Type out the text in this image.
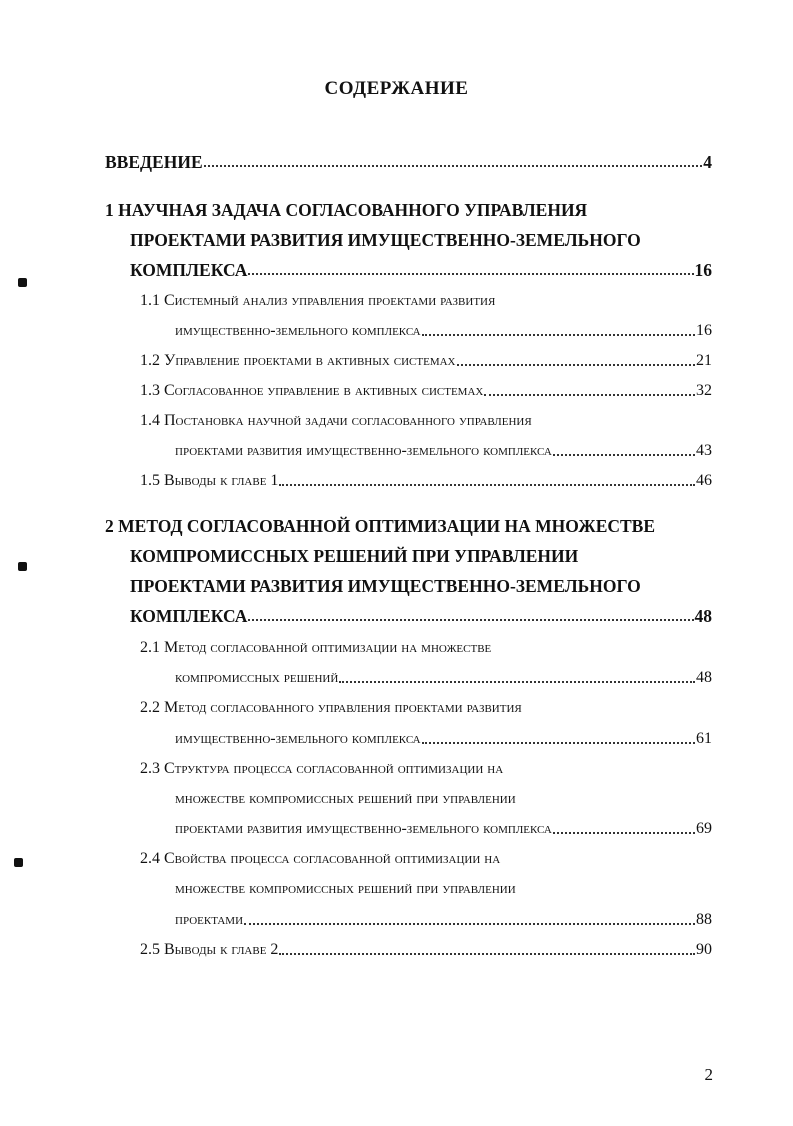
СОДЕРЖАНИЕ
ВВЕДЕНИЕ	4
1 НАУЧНАЯ ЗАДАЧА СОГЛАСОВАННОГО УПРАВЛЕНИЯ
ПРОЕКТАМИ РАЗВИТИЯ ИМУЩЕСТВЕННО-ЗЕМЕЛЬНОГО
КОМПЛЕКСА	16
1.1 Системный анализ управления проектами развития
имущественно-земельного комплекса	16
1.2 Управление проектами в активных системах	21
1.3 Согласованное управление в активных системах	32
1.4 Постановка научной задачи согласованного управления
проектами развития имущественно-земельного комплекса	43
1.5 Выводы к главе 1	46
2 МЕТОД СОГЛАСОВАННОЙ ОПТИМИЗАЦИИ НА МНОЖЕСТВЕ
КОМПРОМИССНЫХ РЕШЕНИЙ ПРИ УПРАВЛЕНИИ
ПРОЕКТАМИ РАЗВИТИЯ ИМУЩЕСТВЕННО-ЗЕМЕЛЬНОГО
КОМПЛЕКСА	48
2.1 Метод согласованной оптимизации на множестве
компромиссных решений	48
2.2 Метод согласованного управления проектами развития
имущественно-земельного комплекса	61
2.3 Структура процесса согласованной оптимизации на
множестве компромиссных решений при управлении
проектами развития имущественно-земельного комплекса	69
2.4 Свойства процесса согласованной оптимизации на
множестве компромиссных решений при управлении
проектами	88
2.5 Выводы к главе 2	90
2
